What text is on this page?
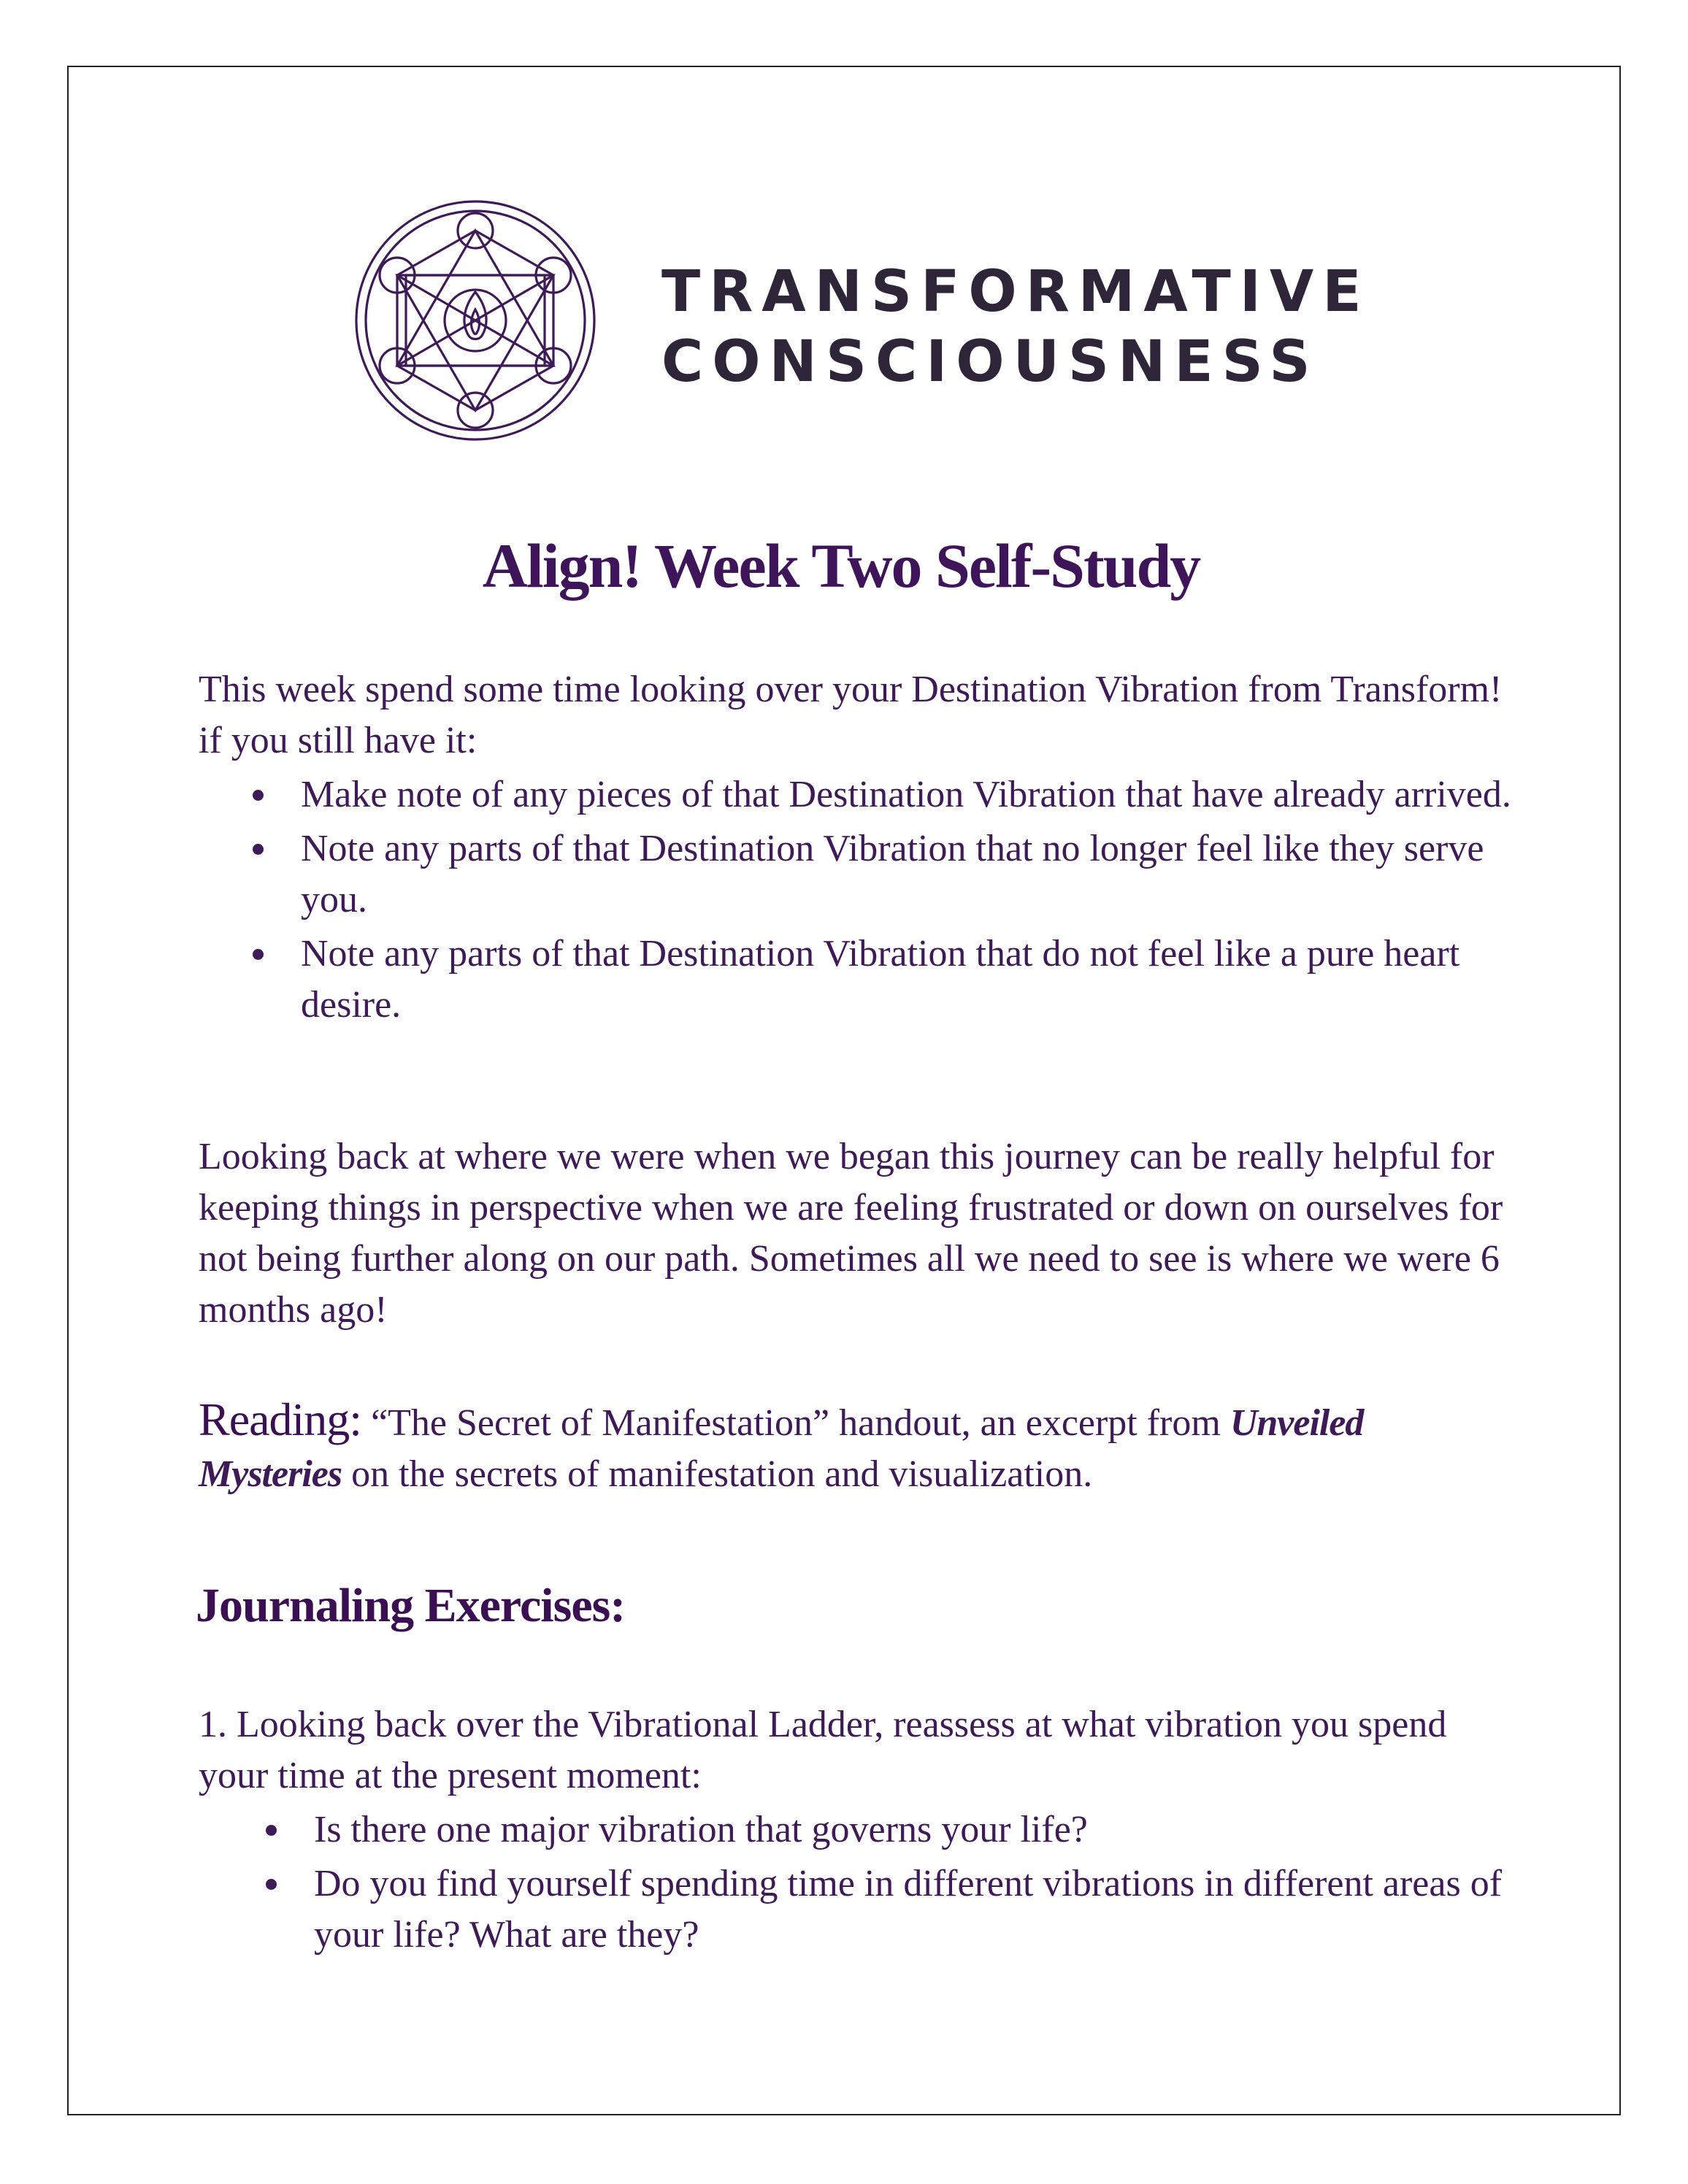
TRANSFORMATIVE
CONSCIOUSNESS
Align! Week Two Self-Study

This week spend some time looking over your Destination Vibration from Transform! if you still have it:

Make note of any pieces of that Destination Vibration that have already arrived.
Note any parts of that Destination Vibration that no longer feel like they serve you.
Note any parts of that Destination Vibration that do not feel like a pure heart desire.

Looking back at where we were when we began this journey can be really helpful for keeping things in perspective when we are feeling frustrated or down on ourselves for not being further along on our path. Sometimes all we need to see is where we were 6 months ago!

Reading: “The Secret of Manifestation” handout, an excerpt from Unveiled Mysteries on the secrets of manifestation and visualization.

Journaling Exercises:

1. Looking back over the Vibrational Ladder, reassess at what vibration you spend your time at the present moment:

Is there one major vibration that governs your life?
Do you find yourself spending time in different vibrations in different areas of your life? What are they?
